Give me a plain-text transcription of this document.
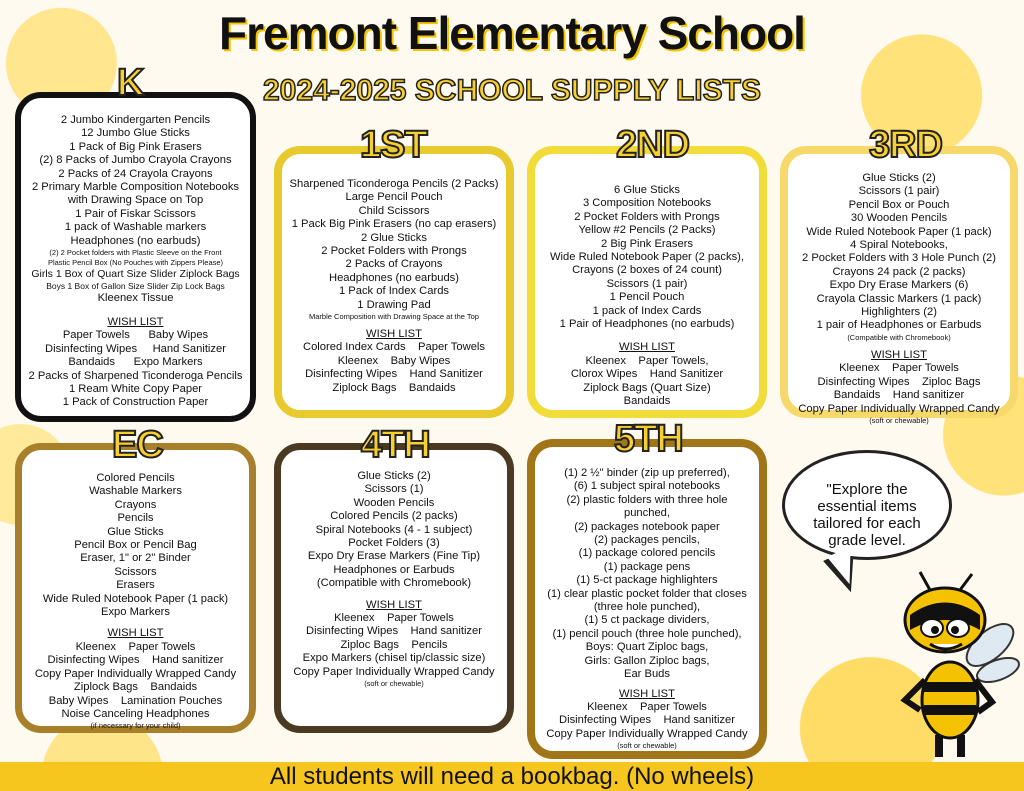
Fremont Elementary School
2024-2025 SCHOOL SUPPLY LISTS
2 Jumbo Kindergarten Pencils
12 Jumbo Glue Sticks
1 Pack of Big Pink Erasers
(2) 8 Packs of Jumbo Crayola Crayons
2 Packs of 24 Crayola Crayons
2 Primary Marble Composition Notebooks
with Drawing Space on Top
1 Pair of Fiskar Scissors
1 pack of Washable markers
Headphones (no earbuds)
(2) 2 Pocket folders with Plastic Sleeve on the Front
Plastic Pencil Box (No Pouches with Zippers Please)
Girls 1 Box of Quart Size Slider Ziplock Bags
Boys 1 Box of Gallon Size Slider Zip Lock Bags
Kleenex Tissue
WISH LIST
Paper Towels      Baby Wipes
Disinfecting Wipes     Hand Sanitizer
Bandaids      Expo Markers
2 Packs of Sharpened Ticonderoga Pencils
1 Ream White Copy Paper
1 Pack of Construction Paper
K
Sharpened Ticonderoga Pencils (2 Packs)
Large Pencil Pouch
Child Scissors
1 Pack Big Pink Erasers (no cap erasers)
2 Glue Sticks
2 Pocket Folders with Prongs
2 Packs of Crayons
Headphones (no earbuds)
1 Pack of Index Cards
1 Drawing Pad
Marble Composition with Drawing Space at the Top
WISH LIST
Colored Index Cards    Paper Towels
Kleenex    Baby Wipes
Disinfecting Wipes    Hand Sanitizer
Ziplock Bags    Bandaids
1ST
6 Glue Sticks
3 Composition Notebooks
2 Pocket Folders with Prongs
Yellow #2 Pencils (2 Packs)
2 Big Pink Erasers
Wide Ruled Notebook Paper (2 packs),
Crayons (2 boxes of 24 count)
Scissors (1 pair)
1 Pencil Pouch
1 pack of Index Cards
1 Pair of Headphones (no earbuds)
WISH LIST
Kleenex    Paper Towels,
Clorox Wipes    Hand Sanitizer
Ziplock Bags (Quart Size)
Bandaids
2ND
Glue Sticks (2)
Scissors (1 pair)
Pencil Box or Pouch
30 Wooden Pencils
Wide Ruled Notebook Paper (1 pack)
4 Spiral Notebooks,
2 Pocket Folders with 3 Hole Punch (2)
Crayons 24 pack (2 packs)
Expo Dry Erase Markers (6)
Crayola Classic Markers (1 pack)
Highlighters (2)
1 pair of Headphones or Earbuds
(Compatible with Chromebook)
WISH LIST
Kleenex    Paper Towels
Disinfecting Wipes    Ziploc Bags
Bandaids    Hand sanitizer
Copy Paper Individually Wrapped Candy
(soft or chewable)
3RD
Colored Pencils
Washable Markers
Crayons
Pencils
Glue Sticks
Pencil Box or Pencil Bag
Eraser, 1" or 2" Binder
Scissors
Erasers
Wide Ruled Notebook Paper (1 pack)
Expo Markers
WISH LIST
Kleenex    Paper Towels
Disinfecting Wipes    Hand sanitizer
Copy Paper Individually Wrapped Candy
Ziplock Bags    Bandaids
Baby Wipes    Lamination Pouches
Noise Canceling Headphones
(if necessary for your child)
EC
Glue Sticks (2)
Scissors (1)
Wooden Pencils
Colored Pencils (2 packs)
Spiral Notebooks (4 - 1 subject)
Pocket Folders (3)
Expo Dry Erase Markers (Fine Tip)
Headphones or Earbuds
(Compatible with Chromebook)
WISH LIST
Kleenex    Paper Towels
Disinfecting Wipes    Hand sanitizer
Ziploc Bags    Pencils
Expo Markers (chisel tip/classic size)
Copy Paper Individually Wrapped Candy
(soft or chewable)
4TH
(1) 2 ½" binder (zip up preferred),
(6) 1 subject spiral notebooks
(2) plastic folders with three hole
punched,
(2) packages notebook paper
(2) packages pencils,
(1) package colored pencils
(1) package pens
(1) 5-ct package highlighters
(1) clear plastic pocket folder that closes
(three hole punched),
(1) 5 ct package dividers,
(1) pencil pouch (three hole punched),
Boys: Quart Ziploc bags,
Girls: Gallon Ziploc bags,
Ear Buds
WISH LIST
Kleenex    Paper Towels
Disinfecting Wipes    Hand sanitizer
Copy Paper Individually Wrapped Candy
(soft or chewable)
5TH
"Explore the essential items tailored for each grade level.
All students will need a bookbag. (No wheels)
